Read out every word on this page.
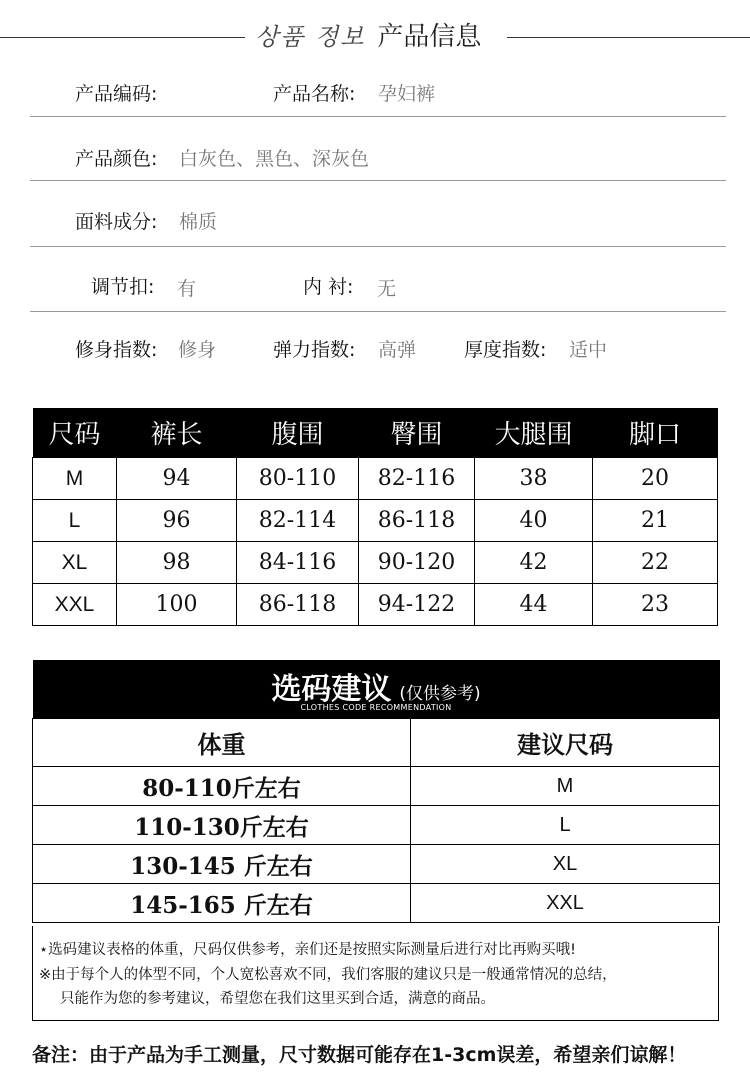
상품 정보 产品信息
产品编码:	产品名称: 孕妇裤
产品颜色: 白灰色、黑色、深灰色
面料成分: 棉质
调节扣: 有	内 衬: 无
修身指数: 修身	弹力指数: 高弹	厚度指数: 适中
尺码	裤长	腹围	臀围	大腿围	脚口
M	94	80-110	82-116	38	20
L	96	82-114	86-118	40	21
XL	98	84-116	90-120	42	22
XXL	100	86-118	94-122	44	23
选码建议 (仅供参考)
CLOTHES CODE RECOMMENDATION	

体重	建议尺码
80-110斤左右	M
110-130斤左右	L
130-145 斤左右	XL
145-165 斤左右	XXL
⋆选码建议表格的体重，尺码仅供参考，亲们还是按照实际测量后进行对比再购买哦!
※由于每个人的体型不同，个人宽松喜欢不同，我们客服的建议只是一般通常情况的总结，
只能作为您的参考建议，希望您在我们这里买到合适，满意的商品。
备注：由于产品为手工测量，尺寸数据可能存在1-3cm误差，希望亲们谅解！
